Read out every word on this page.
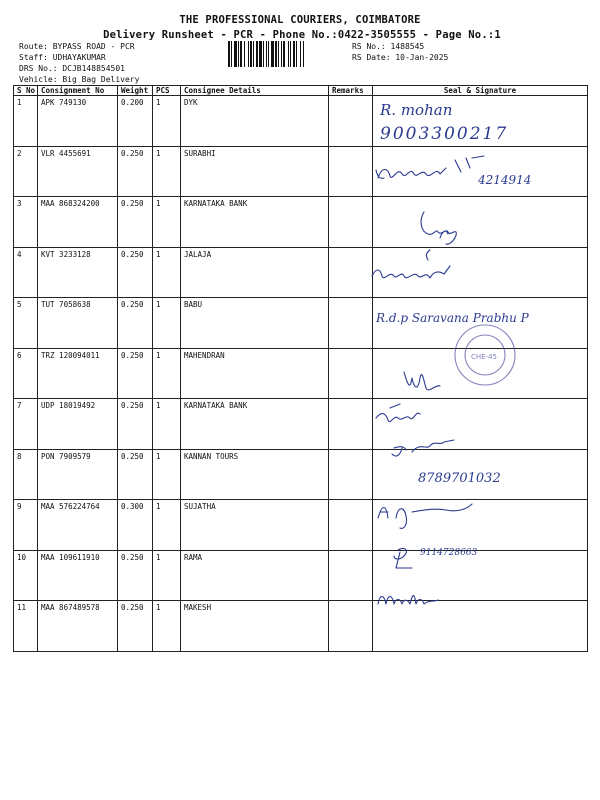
THE PROFESSIONAL COURIERS, COIMBATORE
Delivery Runsheet - PCR - Phone No.:0422-3505555 - Page No.:1
Route: BYPASS ROAD - PCR
Staff: UDHAYAKUMAR
DRS No.: DCJB148854501
Vehicle: Big Bag Delivery
RS No.: 1488545
RS Date: 10-Jan-2025
S No	Consignment No	Weight	PCS	Consignee Details	Remarks	Seal & Signature
1	APK 749130	0.200	1	DYK		
2	VLR 4455691	0.250	1	SURABHI		
3	MAA 868324200	0.250	1	KARNATAKA BANK		
4	KVT 3233128	0.250	1	JALAJA		
5	TUT 7058638	0.250	1	BABU		
6	TRZ 120094011	0.250	1	MAHENDRAN		
7	UDP 18019492	0.250	1	KARNATAKA BANK		
8	PON 7909579	0.250	1	KANNAN TOURS		
9	MAA 576224764	0.300	1	SUJATHA		
10	MAA 109611910	0.250	1	RAMA		
11	MAA 867489578	0.250	1	MAKESH		
R. mohan
9003300217
4214914
R.d.p Saravana Prabhu P
CHE-45
8789701032
9114728663
